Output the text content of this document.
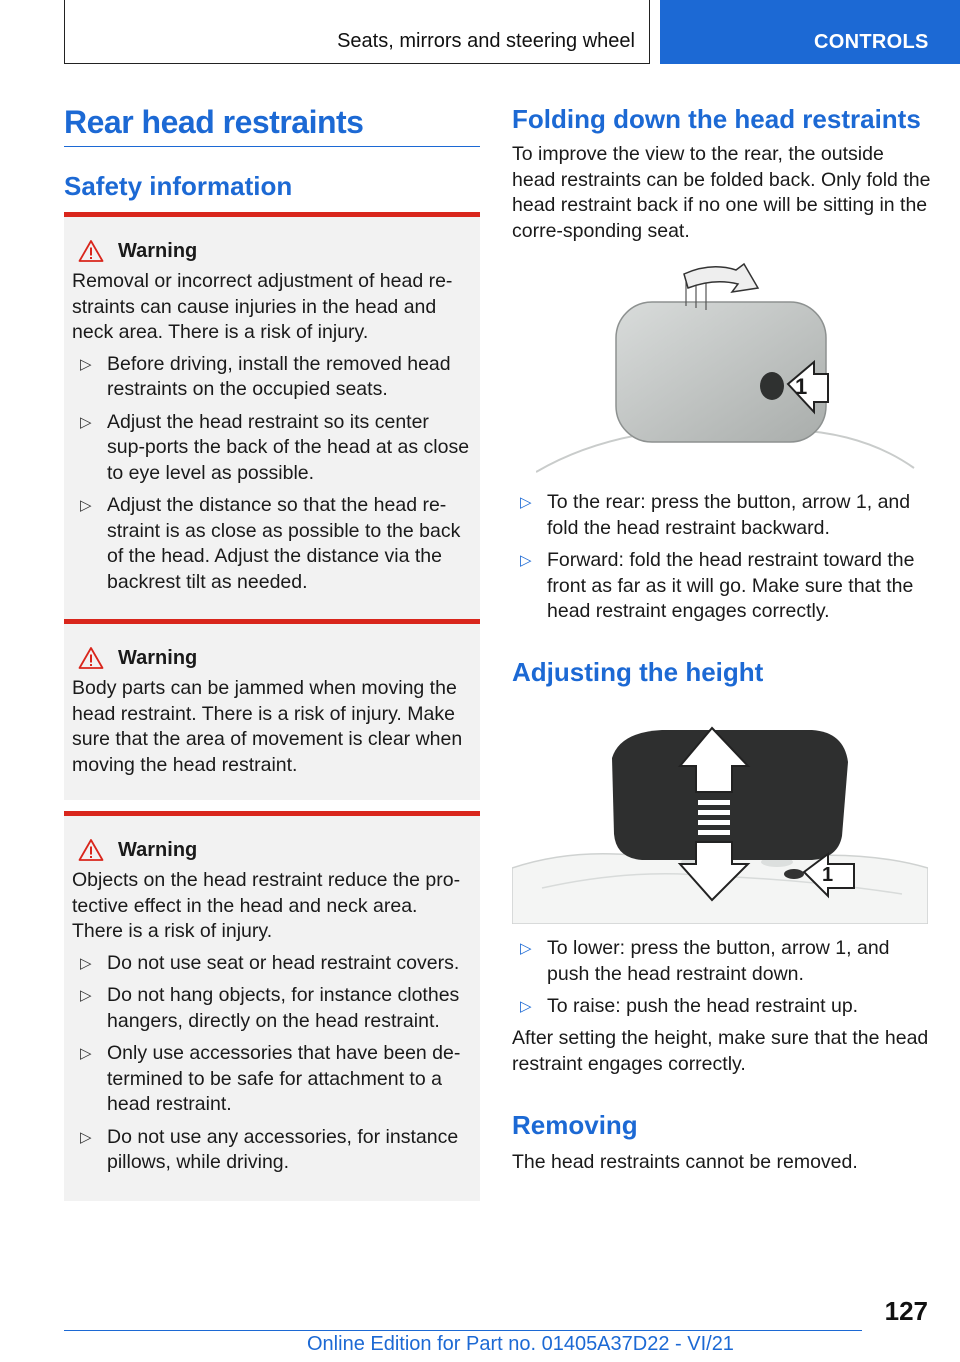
Seats, mirrors and steering wheel	CONTROLS
Rear head restraints
Safety information
Warning

Removal or incorrect adjustment of head re-straints can cause injuries in the head and neck area. There is a risk of injury.

▷ Before driving, install the removed head restraints on the occupied seats.
▷ Adjust the head restraint so its center sup-ports the back of the head at as close to eye level as possible.
▷ Adjust the distance so that the head re-straint is as close as possible to the back of the head. Adjust the distance via the backrest tilt as needed.
Warning

Body parts can be jammed when moving the head restraint. There is a risk of injury. Make sure that the area of movement is clear when moving the head restraint.

Warning

Objects on the head restraint reduce the pro-tective effect in the head and neck area. There is a risk of injury.

▷ Do not use seat or head restraint covers.
▷ Do not hang objects, for instance clothes hangers, directly on the head restraint.
▷ Only use accessories that have been de-termined to be safe for attachment to a head restraint.
▷ Do not use any accessories, for instance pillows, while driving.
Folding down the head restraints

To improve the view to the rear, the outside head restraints can be folded back. Only fold the head restraint back if no one will be sitting in the corre-sponding seat.

1
▷ To the rear: press the button, arrow 1, and fold the head restraint backward.
▷ Forward: fold the head restraint toward the front as far as it will go. Make sure that the head restraint engages correctly.
Adjusting the height
1
▷ To lower: press the button, arrow 1, and push the head restraint down.
▷ To raise: push the head restraint up.

After setting the height, make sure that the head restraint engages correctly.

Removing

The head restraints cannot be removed.

127
Online Edition for Part no. 01405A37D22 - VI/21
